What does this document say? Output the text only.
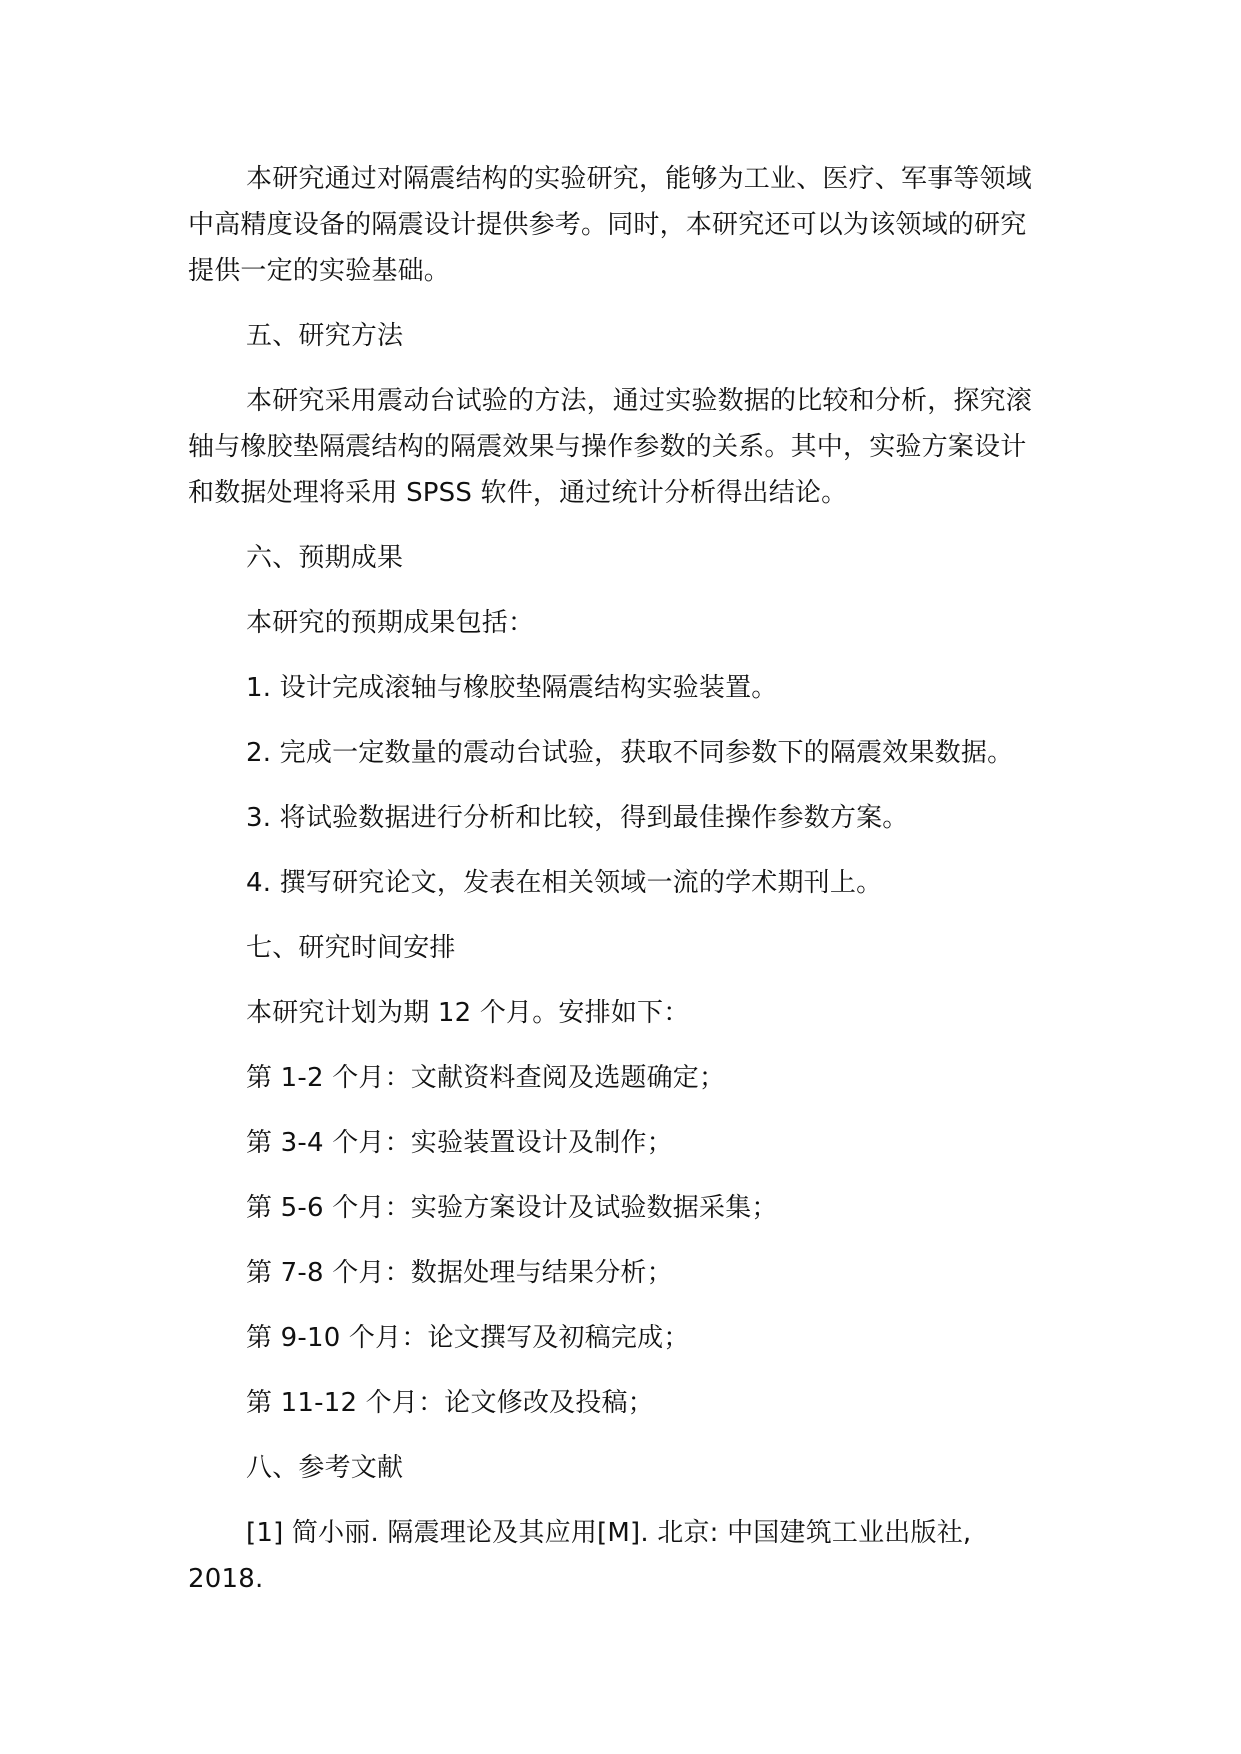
本研究通过对隔震结构的实验研究，能够为工业、医疗、军事等领域中高精度设备的隔震设计提供参考。同时，本研究还可以为该领域的研究提供一定的实验基础。

五、研究方法

本研究采用震动台试验的方法，通过实验数据的比较和分析，探究滚轴与橡胶垫隔震结构的隔震效果与操作参数的关系。其中，实验方案设计和数据处理将采用 SPSS 软件，通过统计分析得出结论。

六、预期成果

本研究的预期成果包括：

1. 设计完成滚轴与橡胶垫隔震结构实验装置。

2. 完成一定数量的震动台试验，获取不同参数下的隔震效果数据。

3. 将试验数据进行分析和比较，得到最佳操作参数方案。

4. 撰写研究论文，发表在相关领域一流的学术期刊上。

七、研究时间安排

本研究计划为期 12 个月。安排如下：

第 1-2 个月：文献资料查阅及选题确定；

第 3-4 个月：实验装置设计及制作；

第 5-6 个月：实验方案设计及试验数据采集；

第 7-8 个月：数据处理与结果分析；

第 9-10 个月：论文撰写及初稿完成；

第 11-12 个月：论文修改及投稿；

八、参考文献

[1] 简小丽. 隔震理论及其应用[M]. 北京: 中国建筑工业出版社, 2018.
